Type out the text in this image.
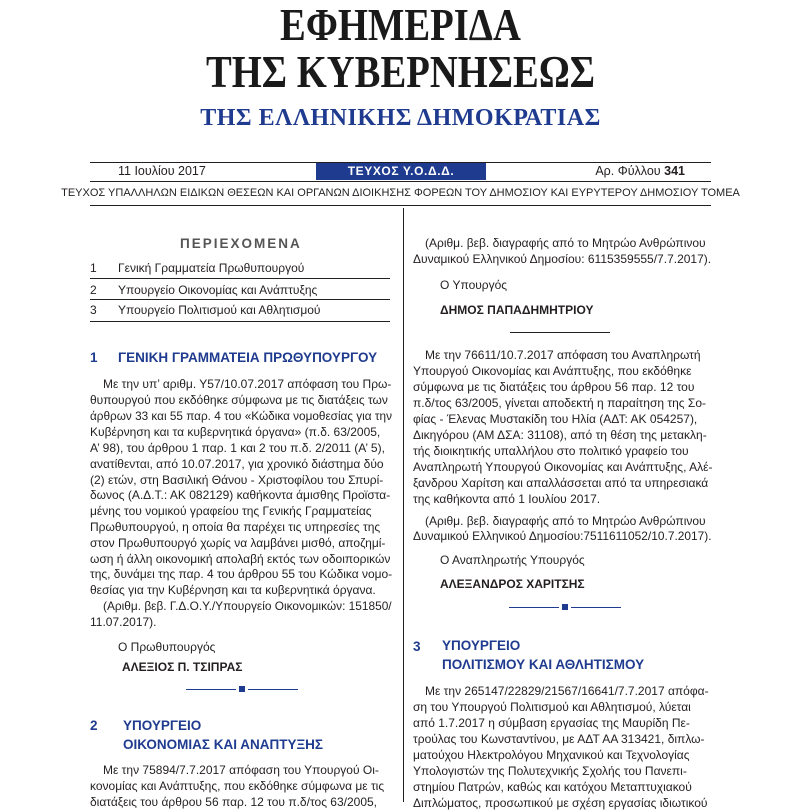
ΕΦΗΜΕΡΙΔΑ
ΤΗΣ ΚΥΒΕΡΝΗΣΕΩΣ
ΤΗΣ ΕΛΛΗΝΙΚΗΣ ΔΗΜΟΚΡΑΤΙΑΣ
11 Ιουλίου 2017	ΤΕΥΧΟΣ Υ.Ο.Δ.Δ.	Αρ. Φύλλου 341
ΤΕΥΧΟΣ ΥΠΑΛΛΗΛΩΝ ΕΙΔΙΚΩΝ ΘΕΣΕΩΝ ΚΑΙ ΟΡΓΑΝΩΝ ΔΙΟΙΚΗΣΗΣ ΦΟΡΕΩΝ ΤΟΥ ΔΗΜΟΣΙΟΥ ΚΑΙ ΕΥΡΥΤΕΡΟΥ ΔΗΜΟΣΙΟΥ ΤΟΜΕΑ
ΠΕΡΙΕΧΟΜΕΝΑ
1 Γενική Γραμματεία Πρωθυπουργού
2 Υπουργείο Οικονομίας και Ανάπτυξης
3 Υπουργείο Πολιτισμού και Αθλητισμού
1 ΓΕΝΙΚΗ ΓΡΑΜΜΑΤΕΙΑ ΠΡΩΘΥΠΟΥΡΓΟΥ
Με την υπ’ αριθμ. Υ57/10.07.2017 απόφαση του Πρω-
θυπουργού που εκδόθηκε σύμφωνα με τις διατάξεις των
άρθρων 33 και 55 παρ. 4 του «Κώδικα νομοθεσίας για την
Κυβέρνηση και τα κυβερνητικά όργανα» (π.δ. 63/2005,
Α’ 98), του άρθρου 1 παρ. 1 και 2 του π.δ. 2/2011 (Α’ 5),
ανατίθενται, από 10.07.2017, για χρονικό διάστημα δύο
(2) ετών, στη Βασιλική Θάνου - Χριστοφίλου του Σπυρί-
δωνος (Α.Δ.Τ.: ΑΚ 082129) καθήκοντα άμισθης Προϊστα-
μένης του νομικού γραφείου της Γενικής Γραμματείας
Πρωθυπουργού, η οποία θα παρέχει τις υπηρεσίες της
στον Πρωθυπουργό χωρίς να λαμβάνει μισθό, αποζημί-
ωση ή άλλη οικονομική απολαβή εκτός των οδοιπορικών
της, δυνάμει της παρ. 4 του άρθρου 55 του Κώδικα νομο-
θεσίας για την Κυβέρνηση και τα κυβερνητικά όργανα.
(Αριθμ. βεβ. Γ.Δ.Ο.Υ./Υπουργείο Οικονομικών: 151850/
11.07.2017).
Ο Πρωθυπουργός
ΑΛΕΞΙΟΣ Π. ΤΣΙΠΡΑΣ
2 ΥΠΟΥΡΓΕΙΟ
ΟΙΚΟΝΟΜΙΑΣ ΚΑΙ ΑΝΑΠΤΥΞΗΣ
Με την 75894/7.7.2017 απόφαση του Υπουργού Οι-
κονομίας και Ανάπτυξης, που εκδόθηκε σύμφωνα με τις
διατάξεις του άρθρου 56 παρ. 12 του π.δ/τος 63/2005,
(Αριθμ. βεβ. διαγραφής από το Μητρώο Ανθρώπινου
Δυναμικού Ελληνικού Δημοσίου: 6115359555/7.7.2017).
Ο Υπουργός
ΔΗΜΟΣ ΠΑΠΑΔΗΜΗΤΡΙΟΥ
Με την 76611/10.7.2017 απόφαση του Αναπληρωτή
Υπουργού Οικονομίας και Ανάπτυξης, που εκδόθηκε
σύμφωνα με τις διατάξεις του άρθρου 56 παρ. 12 του
π.δ/τος 63/2005, γίνεται αποδεκτή η παραίτηση της Σο-
φίας - Έλενας Μυστακίδη του Ηλία (ΑΔΤ: ΑΚ 054257),
Δικηγόρου (ΑΜ ΔΣΑ: 31108), από τη θέση της μετακλη-
τής διοικητικής υπαλλήλου στο πολιτικό γραφείο του
Αναπληρωτή Υπουργού Οικονομίας και Ανάπτυξης, Αλέ-
ξανδρου Χαρίτση και απαλλάσσεται από τα υπηρεσιακά
της καθήκοντα από 1 Ιουλίου 2017.
(Αριθμ. βεβ. διαγραφής από το Μητρώο Ανθρώπινου
Δυναμικού Ελληνικού Δημοσίου:7511611052/10.7.2017).
Ο Αναπληρωτής Υπουργός
ΑΛΕΞΑΝΔΡΟΣ ΧΑΡΙΤΣΗΣ
3 ΥΠΟΥΡΓΕΙΟ
ΠΟΛΙΤΙΣΜΟΥ ΚΑΙ ΑΘΛΗΤΙΣΜΟΥ
Με την 265147/22829/21567/16641/7.7.2017 απόφα-
ση του Υπουργού Πολιτισμού και Αθλητισμού, λύεται
από 1.7.2017 η σύμβαση εργασίας της Μαυρίδη Πε-
τρούλας του Κωνσταντίνου, με ΑΔΤ ΑΑ 313421, διπλω-
ματούχου Ηλεκτρολόγου Μηχανικού και Τεχνολογίας
Υπολογιστών της Πολυτεχνικής Σχολής του Πανεπι-
στημίου Πατρών, καθώς και κατόχου Μεταπτυχιακού
Διπλώματος, προσωπικού με σχέση εργασίας ιδιωτικού
